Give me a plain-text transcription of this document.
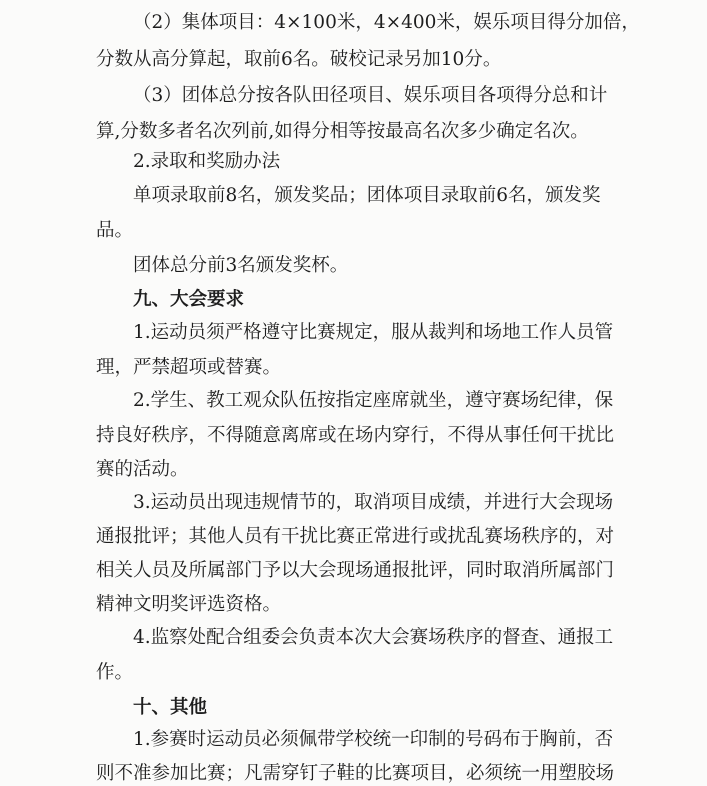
（2）集体项目：4×100米，4×400米，娱乐项目得分加倍，

分数从高分算起，取前6名。破校记录另加10分。

（3）团体总分按各队田径项目、娱乐项目各项得分总和计

算,分数多者名次列前,如得分相等按最高名次多少确定名次。

2.录取和奖励办法

单项录取前8名，颁发奖品；团体项目录取前6名，颁发奖

品。

团体总分前3名颁发奖杯。

九、大会要求

1.运动员须严格遵守比赛规定，服从裁判和场地工作人员管

理，严禁超项或替赛。

2.学生、教工观众队伍按指定座席就坐，遵守赛场纪律，保

持良好秩序，不得随意离席或在场内穿行，不得从事任何干扰比

赛的活动。

3.运动员出现违规情节的，取消项目成绩，并进行大会现场

通报批评；其他人员有干扰比赛正常进行或扰乱赛场秩序的，对

相关人员及所属部门予以大会现场通报批评，同时取消所属部门

精神文明奖评选资格。

4.监察处配合组委会负责本次大会赛场秩序的督查、通报工

作。

十、其他

1.参赛时运动员必须佩带学校统一印制的号码布于胸前，否

则不准参加比赛；凡需穿钉子鞋的比赛项目，必须统一用塑胶场
